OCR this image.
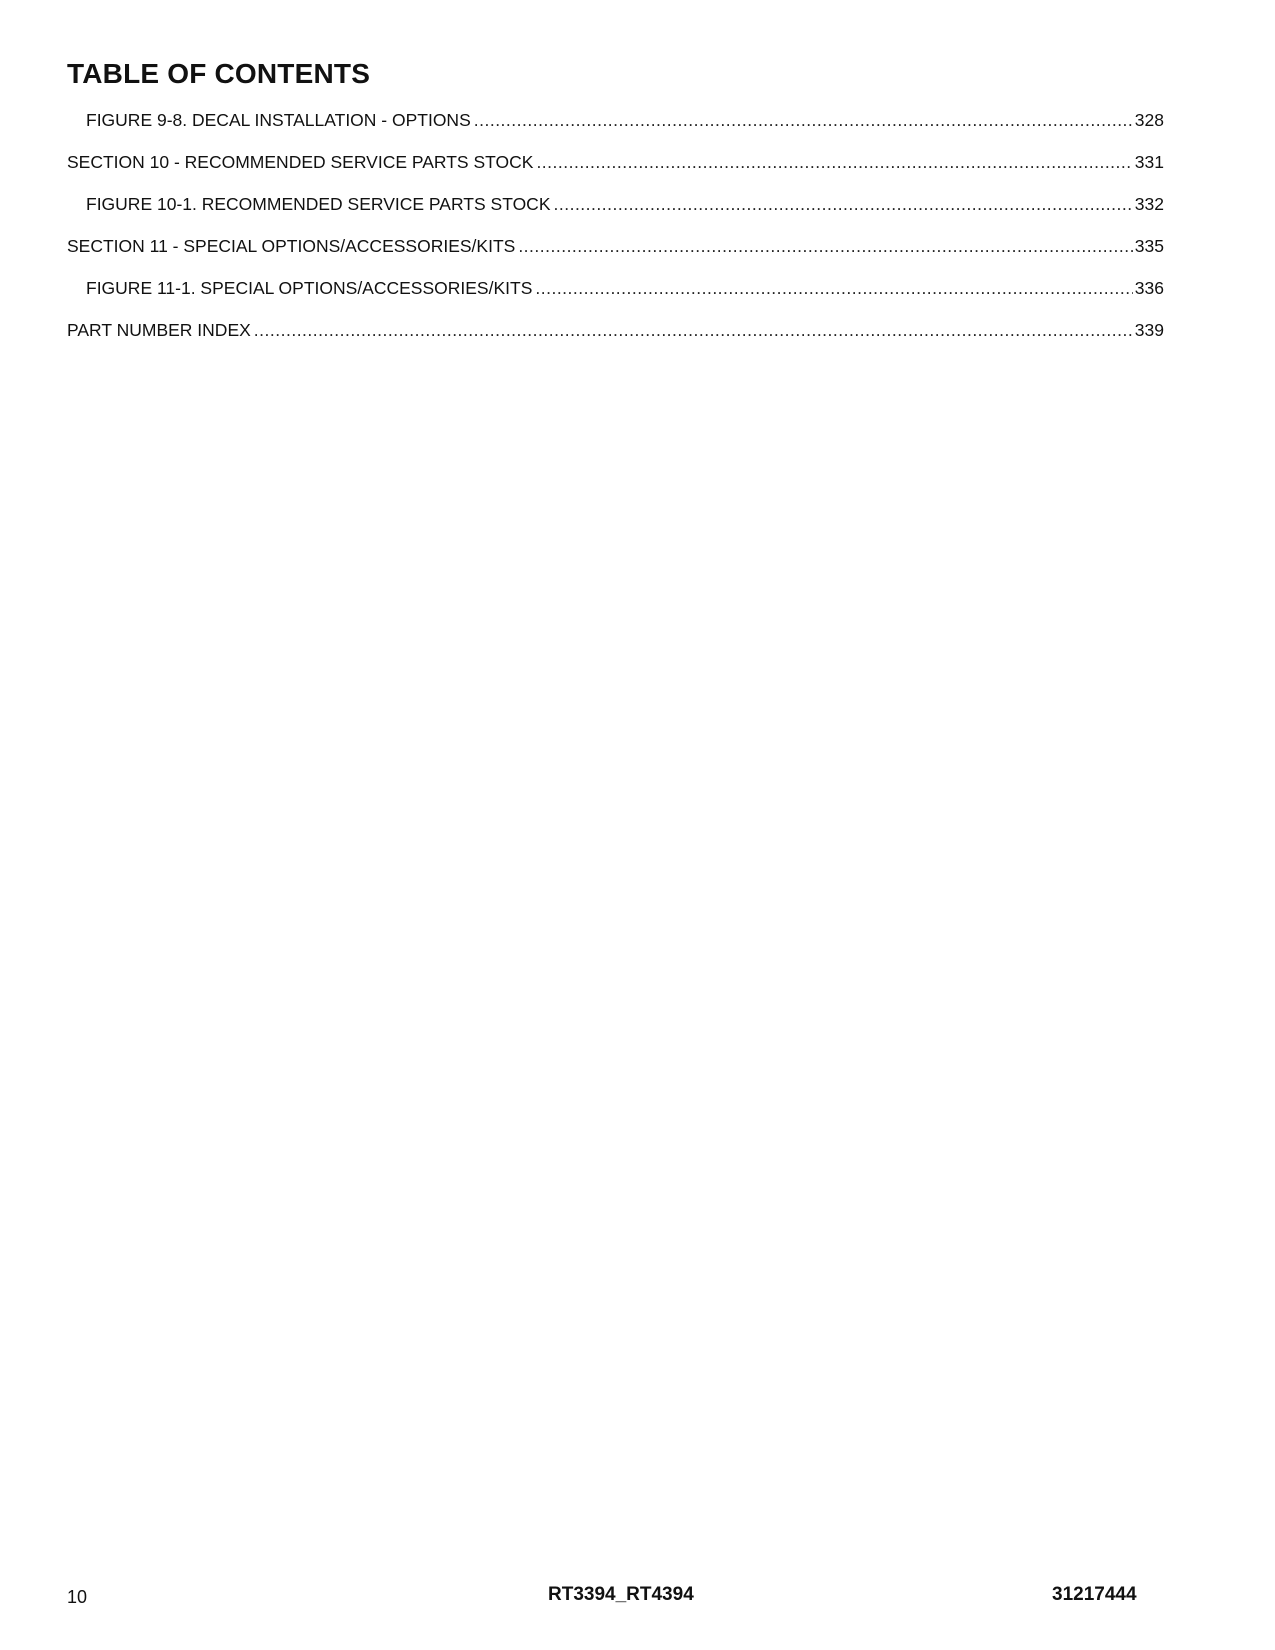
TABLE OF CONTENTS
FIGURE 9-8. DECAL INSTALLATION - OPTIONS .....	328
SECTION 10 - RECOMMENDED SERVICE PARTS STOCK .....	331
FIGURE 10-1. RECOMMENDED SERVICE PARTS STOCK .....	332
SECTION 11 - SPECIAL OPTIONS/ACCESSORIES/KITS .....	335
FIGURE 11-1. SPECIAL OPTIONS/ACCESSORIES/KITS .....	336
PART NUMBER INDEX .....	339
10	RT3394_RT4394	31217444
